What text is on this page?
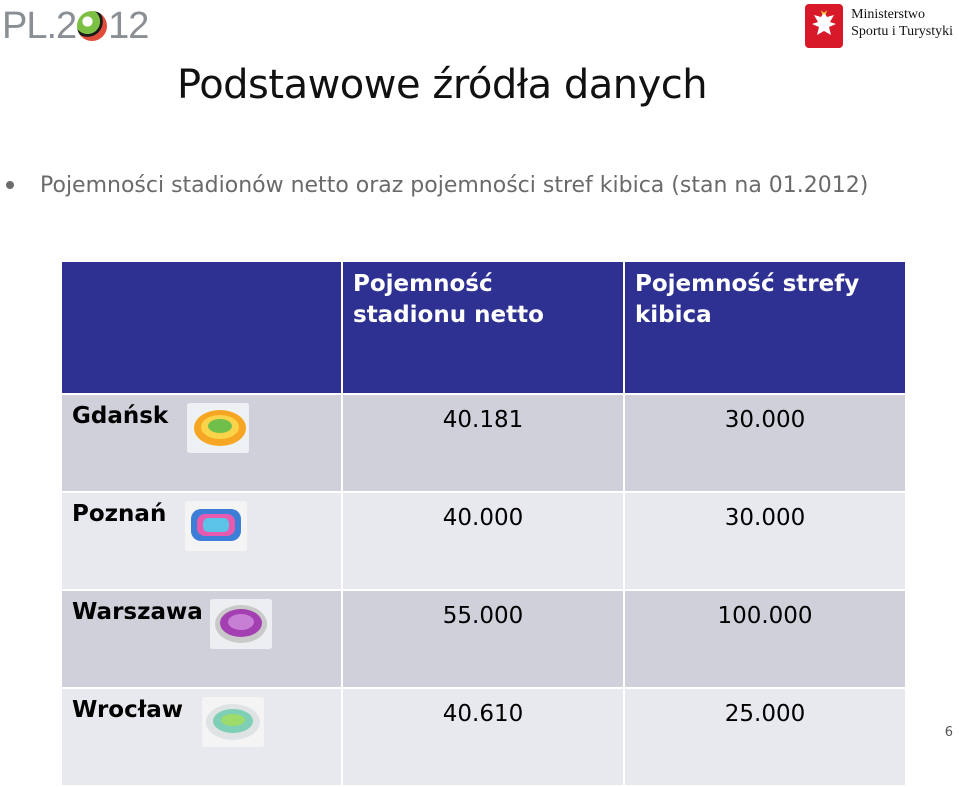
PL.2 12	Ministerstwo
Sportu i Turystyki
Podstawowe źródła danych
Pojemności stadionów netto oraz pojemności stref kibica (stan na 01.2012)
	Pojemność stadionu netto	Pojemność strefy kibica

Gdańsk	40.181	30.000

Poznań	40.000	30.000

Warszawa	55.000	100.000

Wrocław	40.610	25.000
6
